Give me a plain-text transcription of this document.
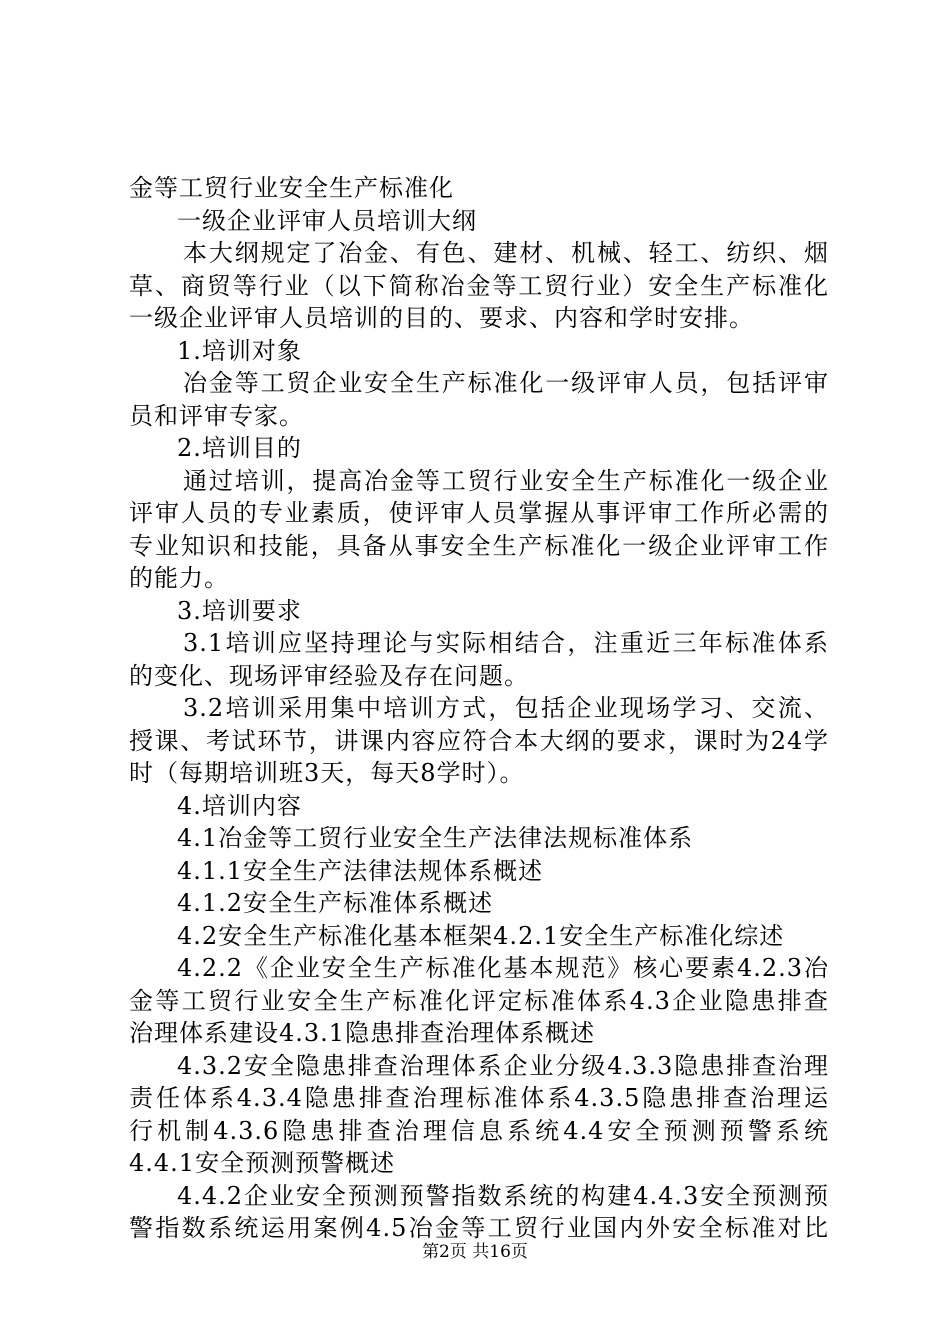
金等工贸行业安全生产标准化
一级企业评审人员培训大纲
本大纲规定了冶金、有色、建材、机械、轻工、纺织、烟
草、商贸等行业（以下简称冶金等工贸行业）安全生产标准化
一级企业评审人员培训的目的、要求、内容和学时安排。
1.培训对象
冶金等工贸企业安全生产标准化一级评审人员，包括评审
员和评审专家。
2.培训目的
通过培训，提高冶金等工贸行业安全生产标准化一级企业
评审人员的专业素质，使评审人员掌握从事评审工作所必需的
专业知识和技能，具备从事安全生产标准化一级企业评审工作
的能力。
3.培训要求
3.1培训应坚持理论与实际相结合，注重近三年标准体系
的变化、现场评审经验及存在问题。
3.2培训采用集中培训方式，包括企业现场学习、交流、
授课、考试环节，讲课内容应符合本大纲的要求，课时为24学
时（每期培训班3天，每天8学时）。
4.培训内容
4.1冶金等工贸行业安全生产法律法规标准体系
4.1.1安全生产法律法规体系概述
4.1.2安全生产标准体系概述
4.2安全生产标准化基本框架4.2.1安全生产标准化综述
4.2.2《企业安全生产标准化基本规范》核心要素4.2.3冶
金等工贸行业安全生产标准化评定标准体系4.3企业隐患排查
治理体系建设4.3.1隐患排查治理体系概述
4.3.2安全隐患排查治理体系企业分级4.3.3隐患排查治理
责任体系4.3.4隐患排查治理标准体系4.3.5隐患排查治理运
行机制4.3.6隐患排查治理信息系统4.4安全预测预警系统
4.4.1安全预测预警概述
4.4.2企业安全预测预警指数系统的构建4.4.3安全预测预
警指数系统运用案例4.5冶金等工贸行业国内外安全标准对比
第2页 共16页
